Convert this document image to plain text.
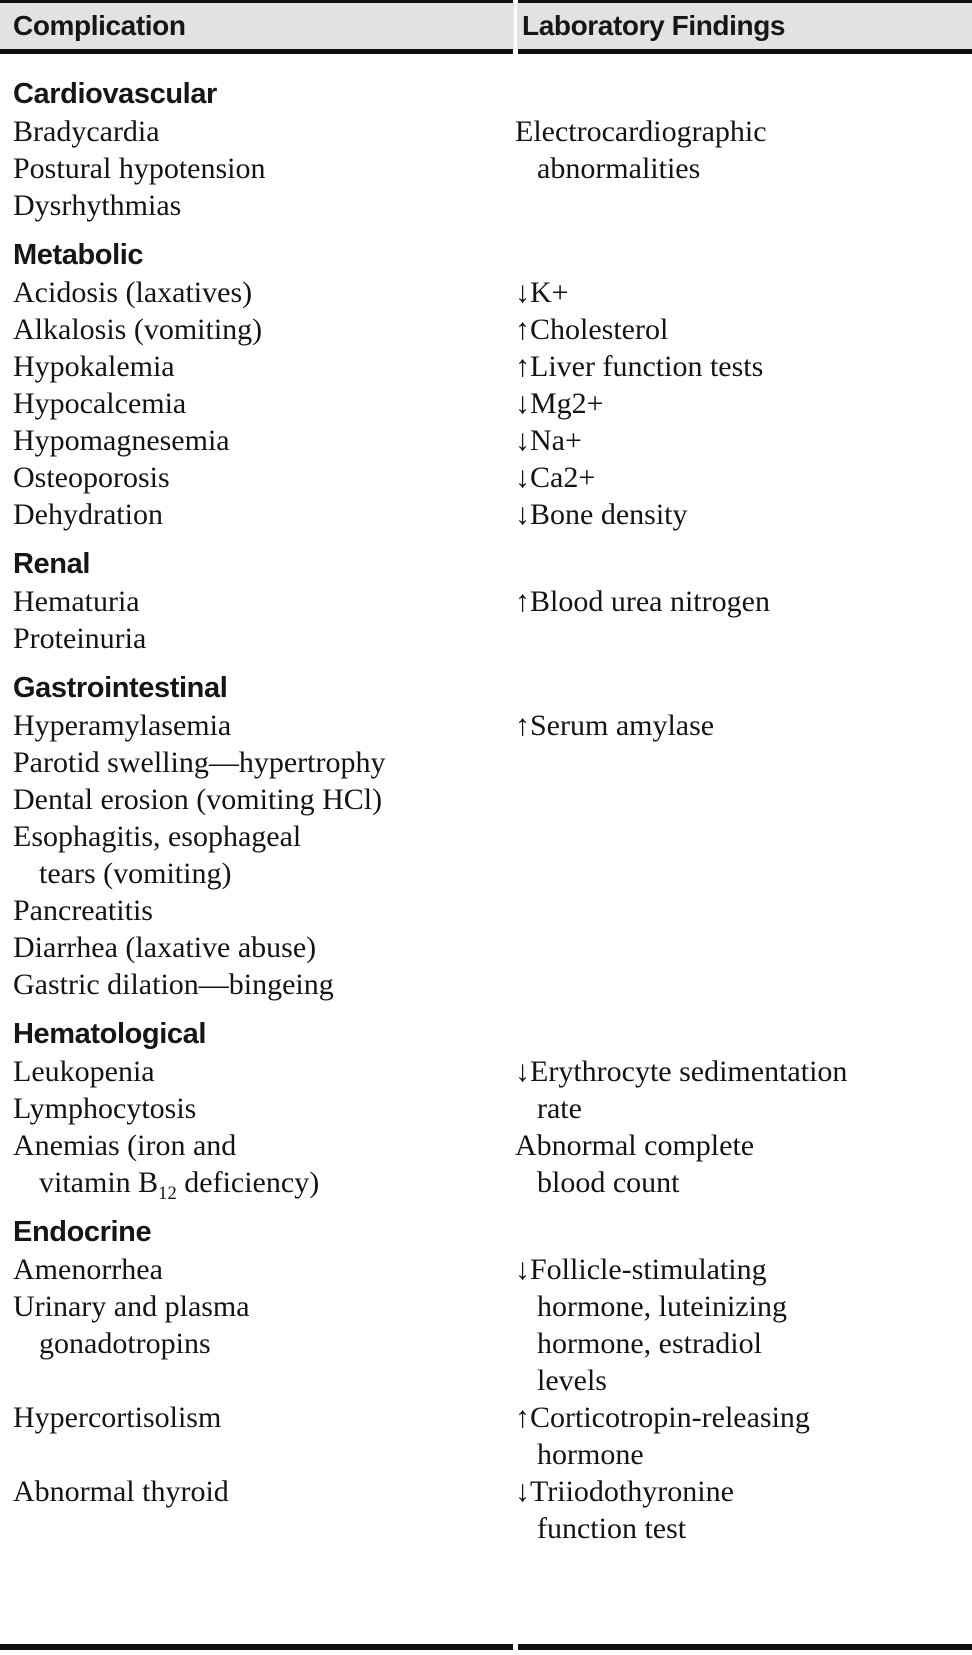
Complication	Laboratory Findings
Cardiovascular
Bradycardia	Electrocardiographic
Postural hypotension	abnormalities
Dysrhythmias
Metabolic
Acidosis (laxatives)	↓K+
Alkalosis (vomiting)	↑Cholesterol
Hypokalemia	↑Liver function tests
Hypocalcemia	↓Mg2+
Hypomagnesemia	↓Na+
Osteoporosis	↓Ca2+
Dehydration	↓Bone density
Renal
Hematuria	↑Blood urea nitrogen
Proteinuria
Gastrointestinal
Hyperamylasemia	↑Serum amylase
Parotid swelling—hypertrophy
Dental erosion (vomiting HCl)
Esophagitis, esophageal
tears (vomiting)
Pancreatitis
Diarrhea (laxative abuse)
Gastric dilation—bingeing
Hematological
Leukopenia	↓Erythrocyte sedimentation
Lymphocytosis	rate
Anemias (iron and	Abnormal complete
vitamin $B_{12}$ deficiency)	blood count
Endocrine
Amenorrhea	↓Follicle-stimulating
Urinary and plasma	hormone, luteinizing
gonadotropins	hormone, estradiol
levels
Hypercortisolism	↑Corticotropin-releasing
hormone
Abnormal thyroid	↓Triiodothyronine
function test
